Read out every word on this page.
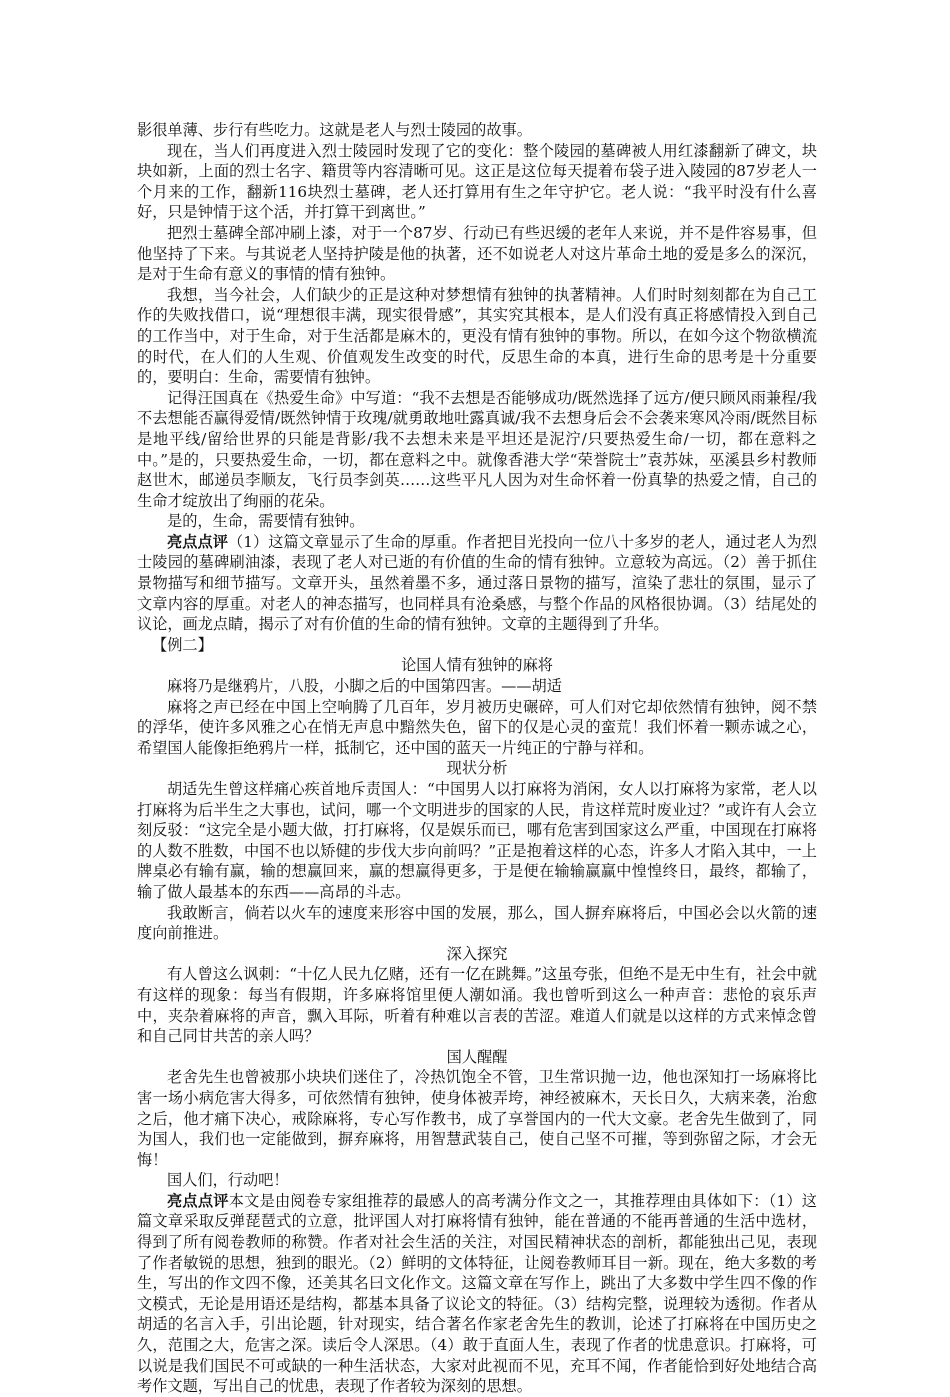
影很单薄、步行有些吃力。这就是老人与烈士陵园的故事。

现在，当人们再度进入烈士陵园时发现了它的变化：整个陵园的墓碑被人用红漆翻新了碑文，块块如新，上面的烈士名字、籍贯等内容清晰可见。这正是这位每天提着布袋子进入陵园的87岁老人一个月来的工作，翻新116块烈士墓碑，老人还打算用有生之年守护它。老人说：“我平时没有什么喜好，只是钟情于这个活，并打算干到离世。”

把烈士墓碑全部冲刷上漆，对于一个87岁、行动已有些迟缓的老年人来说，并不是件容易事，但他坚持了下来。与其说老人坚持护陵是他的执著，还不如说老人对这片革命土地的爱是多么的深沉，是对于生命有意义的事情的情有独钟。

我想，当今社会，人们缺少的正是这种对梦想情有独钟的执著精神。人们时时刻刻都在为自己工作的失败找借口，说“理想很丰满，现实很骨感”，其实究其根本，是人们没有真正将感情投入到自己的工作当中，对于生命，对于生活都是麻木的，更没有情有独钟的事物。所以，在如今这个物欲横流的时代，在人们的人生观、价值观发生改变的时代，反思生命的本真，进行生命的思考是十分重要的，要明白：生命，需要情有独钟。

记得汪国真在《热爱生命》中写道：“我不去想是否能够成功/既然选择了远方/便只顾风雨兼程/我不去想能否赢得爱情/既然钟情于玫瑰/就勇敢地吐露真诚/我不去想身后会不会袭来寒风冷雨/既然目标是地平线/留给世界的只能是背影/我不去想未来是平坦还是泥泞/只要热爱生命/一切，都在意料之中。”是的，只要热爱生命，一切，都在意料之中。就像香港大学“荣誉院士”袁苏妹，巫溪县乡村教师赵世木，邮递员李顺友，飞行员李剑英……这些平凡人因为对生命怀着一份真挚的热爱之情，自己的生命才绽放出了绚丽的花朵。

是的，生命，需要情有独钟。

亮点点评（1）这篇文章显示了生命的厚重。作者把目光投向一位八十多岁的老人，通过老人为烈士陵园的墓碑刷油漆，表现了老人对已逝的有价值的生命的情有独钟。立意较为高远。（2）善于抓住景物描写和细节描写。文章开头，虽然着墨不多，通过落日景物的描写，渲染了悲壮的氛围，显示了文章内容的厚重。对老人的神态描写，也同样具有沧桑感，与整个作品的风格很协调。（3）结尾处的议论，画龙点睛，揭示了对有价值的生命的情有独钟。文章的主题得到了升华。

【例二】

论国人情有独钟的麻将

麻将乃是继鸦片，八股，小脚之后的中国第四害。——胡适

麻将之声已经在中国上空响腾了几百年，岁月被历史碾碎，可人们对它却依然情有独钟，阅不禁的浮华，使许多风雅之心在悄无声息中黯然失色，留下的仅是心灵的蛮荒！我们怀着一颗赤诚之心，希望国人能像拒绝鸦片一样，抵制它，还中国的蓝天一片纯正的宁静与祥和。

现状分析

胡适先生曾这样痛心疾首地斥责国人：“中国男人以打麻将为消闲，女人以打麻将为家常，老人以打麻将为后半生之大事也，试问，哪一个文明进步的国家的人民，肯这样荒时废业过？”或许有人会立刻反驳：“这完全是小题大做，打打麻将，仅是娱乐而已，哪有危害到国家这么严重，中国现在打麻将的人数不胜数，中国不也以矫健的步伐大步向前吗？”正是抱着这样的心态，许多人才陷入其中，一上牌桌必有输有赢，输的想赢回来，赢的想赢得更多，于是便在输输赢赢中惶惶终日，最终，都输了，输了做人最基本的东西——高昂的斗志。

我敢断言，倘若以火车的速度来形容中国的发展，那么，国人摒弃麻将后，中国必会以火箭的速度向前推进。

深入探究

有人曾这么讽刺：“十亿人民九亿赌，还有一亿在跳舞。”这虽夸张，但绝不是无中生有，社会中就有这样的现象：每当有假期，许多麻将馆里便人潮如涌。我也曾听到这么一种声音：悲怆的哀乐声中，夹杂着麻将的声音，飘入耳际，听着有种难以言表的苦涩。难道人们就是以这样的方式来悼念曾和自己同甘共苦的亲人吗？

国人醒醒

老舍先生也曾被那小块块们迷住了，冷热饥饱全不管，卫生常识抛一边，他也深知打一场麻将比害一场小病危害大得多，可依然情有独钟，使身体被弄垮，神经被麻木，天长日久，大病来袭，治愈之后，他才痛下决心，戒除麻将，专心写作教书，成了享誉国内的一代大文豪。老舍先生做到了，同为国人，我们也一定能做到，摒弃麻将，用智慧武装自己，使自己坚不可摧，等到弥留之际，才会无悔！

国人们，行动吧！

亮点点评本文是由阅卷专家组推荐的最感人的高考满分作文之一，其推荐理由具体如下：（1）这篇文章采取反弹琵琶式的立意，批评国人对打麻将情有独钟，能在普通的不能再普通的生活中选材，得到了所有阅卷教师的称赞。作者对社会生活的关注，对国民精神状态的剖析，都能独出己见，表现了作者敏锐的思想，独到的眼光。（2）鲜明的文体特征，让阅卷教师耳目一新。现在，绝大多数的考生，写出的作文四不像，还美其名曰文化作文。这篇文章在写作上，跳出了大多数中学生四不像的作文模式，无论是用语还是结构，都基本具备了议论文的特征。（3）结构完整，说理较为透彻。作者从胡适的名言入手，引出论题，针对现实，结合著名作家老舍先生的教训，论述了打麻将在中国历史之久，范围之大，危害之深。读后令人深思。（4）敢于直面人生，表现了作者的忧患意识。打麻将，可以说是我们国民不可或缺的一种生活状态，大家对此视而不见，充耳不闻，作者能恰到好处地结合高考作文题，写出自己的忧患，表现了作者较为深刻的思想。
